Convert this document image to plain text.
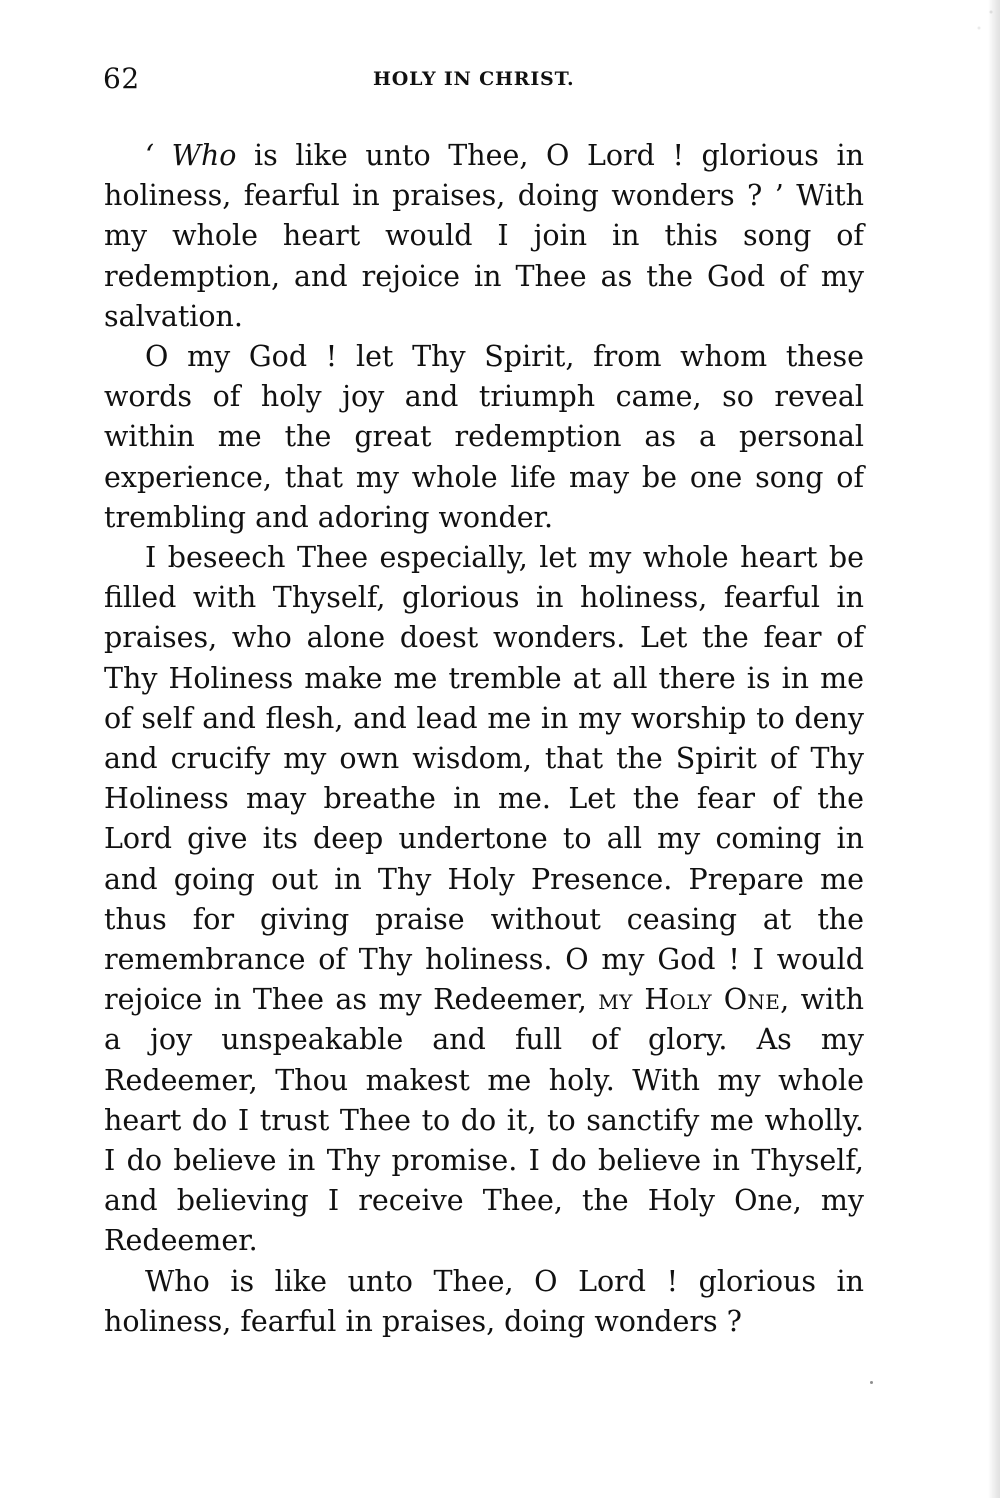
62	HOLY IN CHRIST.

‘ Who is like unto Thee, O Lord ! glorious in holiness, fearful in praises, doing wonders ? ’ With my whole heart would I join in this song of redemption, and rejoice in Thee as the God of my salvation.

O my God ! let Thy Spirit, from whom these words of holy joy and triumph came, so reveal within me the great redemption as a personal experience, that my whole life may be one song of trembling and adoring wonder.

I beseech Thee especially, let my whole heart be filled with Thyself, glorious in holiness, fearful in praises, who alone doest wonders. Let the fear of Thy Holiness make me tremble at all there is in me of self and flesh, and lead me in my worship to deny and crucify my own wisdom, that the Spirit of Thy Holiness may breathe in me. Let the fear of the Lord give its deep undertone to all my coming in and going out in Thy Holy Presence. Prepare me thus for giving praise without ceasing at the remembrance of Thy holiness. O my God ! I would rejoice in Thee as my Redeemer, my Holy One, with a joy unspeakable and full of glory. As my Redeemer, Thou makest me holy. With my whole heart do I trust Thee to do it, to sanctify me wholly. I do believe in Thy promise. I do believe in Thyself, and believing I receive Thee, the Holy One, my Redeemer.

Who is like unto Thee, O Lord ! glorious in holiness, fearful in praises, doing wonders ?
